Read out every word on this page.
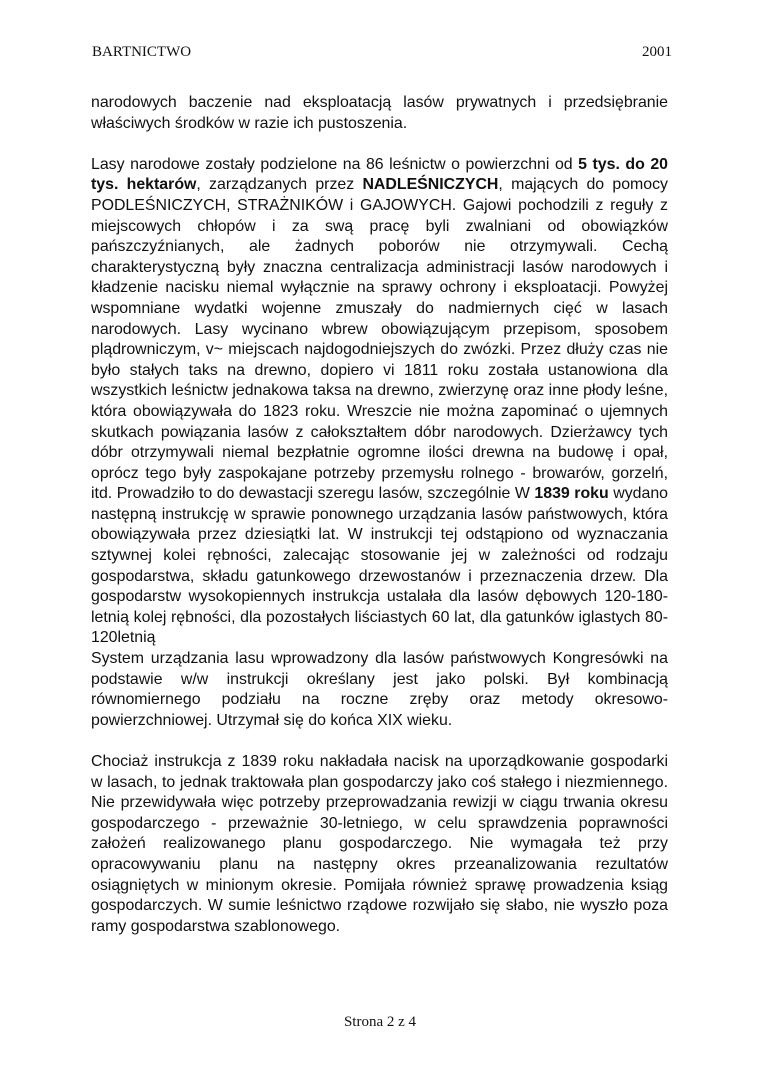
BARTNICTWO	2001

narodowych baczenie nad eksploatacją lasów prywatnych i przedsiębranie właściwych środków w razie ich pustoszenia.

Lasy narodowe zostały podzielone na 86 leśnictw o powierzchni od 5 tys. do 20 tys. hektarów, zarządzanych przez NADLEŚNICZYCH, mających do pomocy PODLEŚNICZYCH, STRAŻNIKÓW i GAJOWYCH. Gajowi pochodzili z reguły z miejscowych chłopów i za swą pracę byli zwalniani od obowiązków pańszczyźnianych, ale żadnych poborów nie otrzymywali. Cechą charakterystyczną były znaczna centralizacja administracji lasów narodowych i kładzenie nacisku niemal wyłącznie na sprawy ochrony i eksploatacji. Powyżej wspomniane wydatki wojenne zmuszały do nadmiernych cięć w lasach narodowych. Lasy wycinano wbrew obowiązującym przepisom, sposobem plądrowniczym, v~ miejscach najdogodniejszych do zwózki. Przez dłuży czas nie było stałych taks na drewno, dopiero vi 1811 roku została ustanowiona dla wszystkich leśnictw jednakowa taksa na drewno, zwierzynę oraz inne płody leśne, która obowiązywała do 1823 roku. Wreszcie nie można zapominać o ujemnych skutkach powiązania lasów z całokształtem dóbr narodowych. Dzierżawcy tych dóbr otrzymywali niemal bezpłatnie ogromne ilości drewna na budowę i opał, oprócz tego były zaspokajane potrzeby przemysłu rolnego - browarów, gorzelń, itd. Prowadziło to do dewastacji szeregu lasów, szczególnie W 1839 roku wydano następną instrukcję w sprawie ponownego urządzania lasów państwowych, która obowiązywała przez dziesiątki lat. W instrukcji tej odstąpiono od wyznaczania sztywnej kolei rębności, zalecając stosowanie jej w zależności od rodzaju gospodarstwa, składu gatunkowego drzewostanów i przeznaczenia drzew. Dla gospodarstw wysokopiennych instrukcja ustalała dla lasów dębowych 120-180-letnią kolej rębności, dla pozostałych liściastych 60 lat, dla gatunków iglastych 80-120letnią

System urządzania lasu wprowadzony dla lasów państwowych Kongresówki na podstawie w/w instrukcji określany jest jako polski. Był kombinacją równomiernego podziału na roczne zręby oraz metody okresowo-powierzchniowej. Utrzymał się do końca XIX wieku.

Chociaż instrukcja z 1839 roku nakładała nacisk na uporządkowanie gospodarki w lasach, to jednak traktowała plan gospodarczy jako coś stałego i niezmiennego. Nie przewidywała więc potrzeby przeprowadzania rewizji w ciągu trwania okresu gospodarczego - przeważnie 30-letniego, w celu sprawdzenia poprawności założeń realizowanego planu gospodarczego. Nie wymagała też przy opracowywaniu planu na następny okres przeanalizowania rezultatów osiągniętych w minionym okresie. Pomijała również sprawę prowadzenia ksiąg gospodarczych. W sumie leśnictwo rządowe rozwijało się słabo, nie wyszło poza ramy gospodarstwa szablonowego.

Strona 2 z 4
